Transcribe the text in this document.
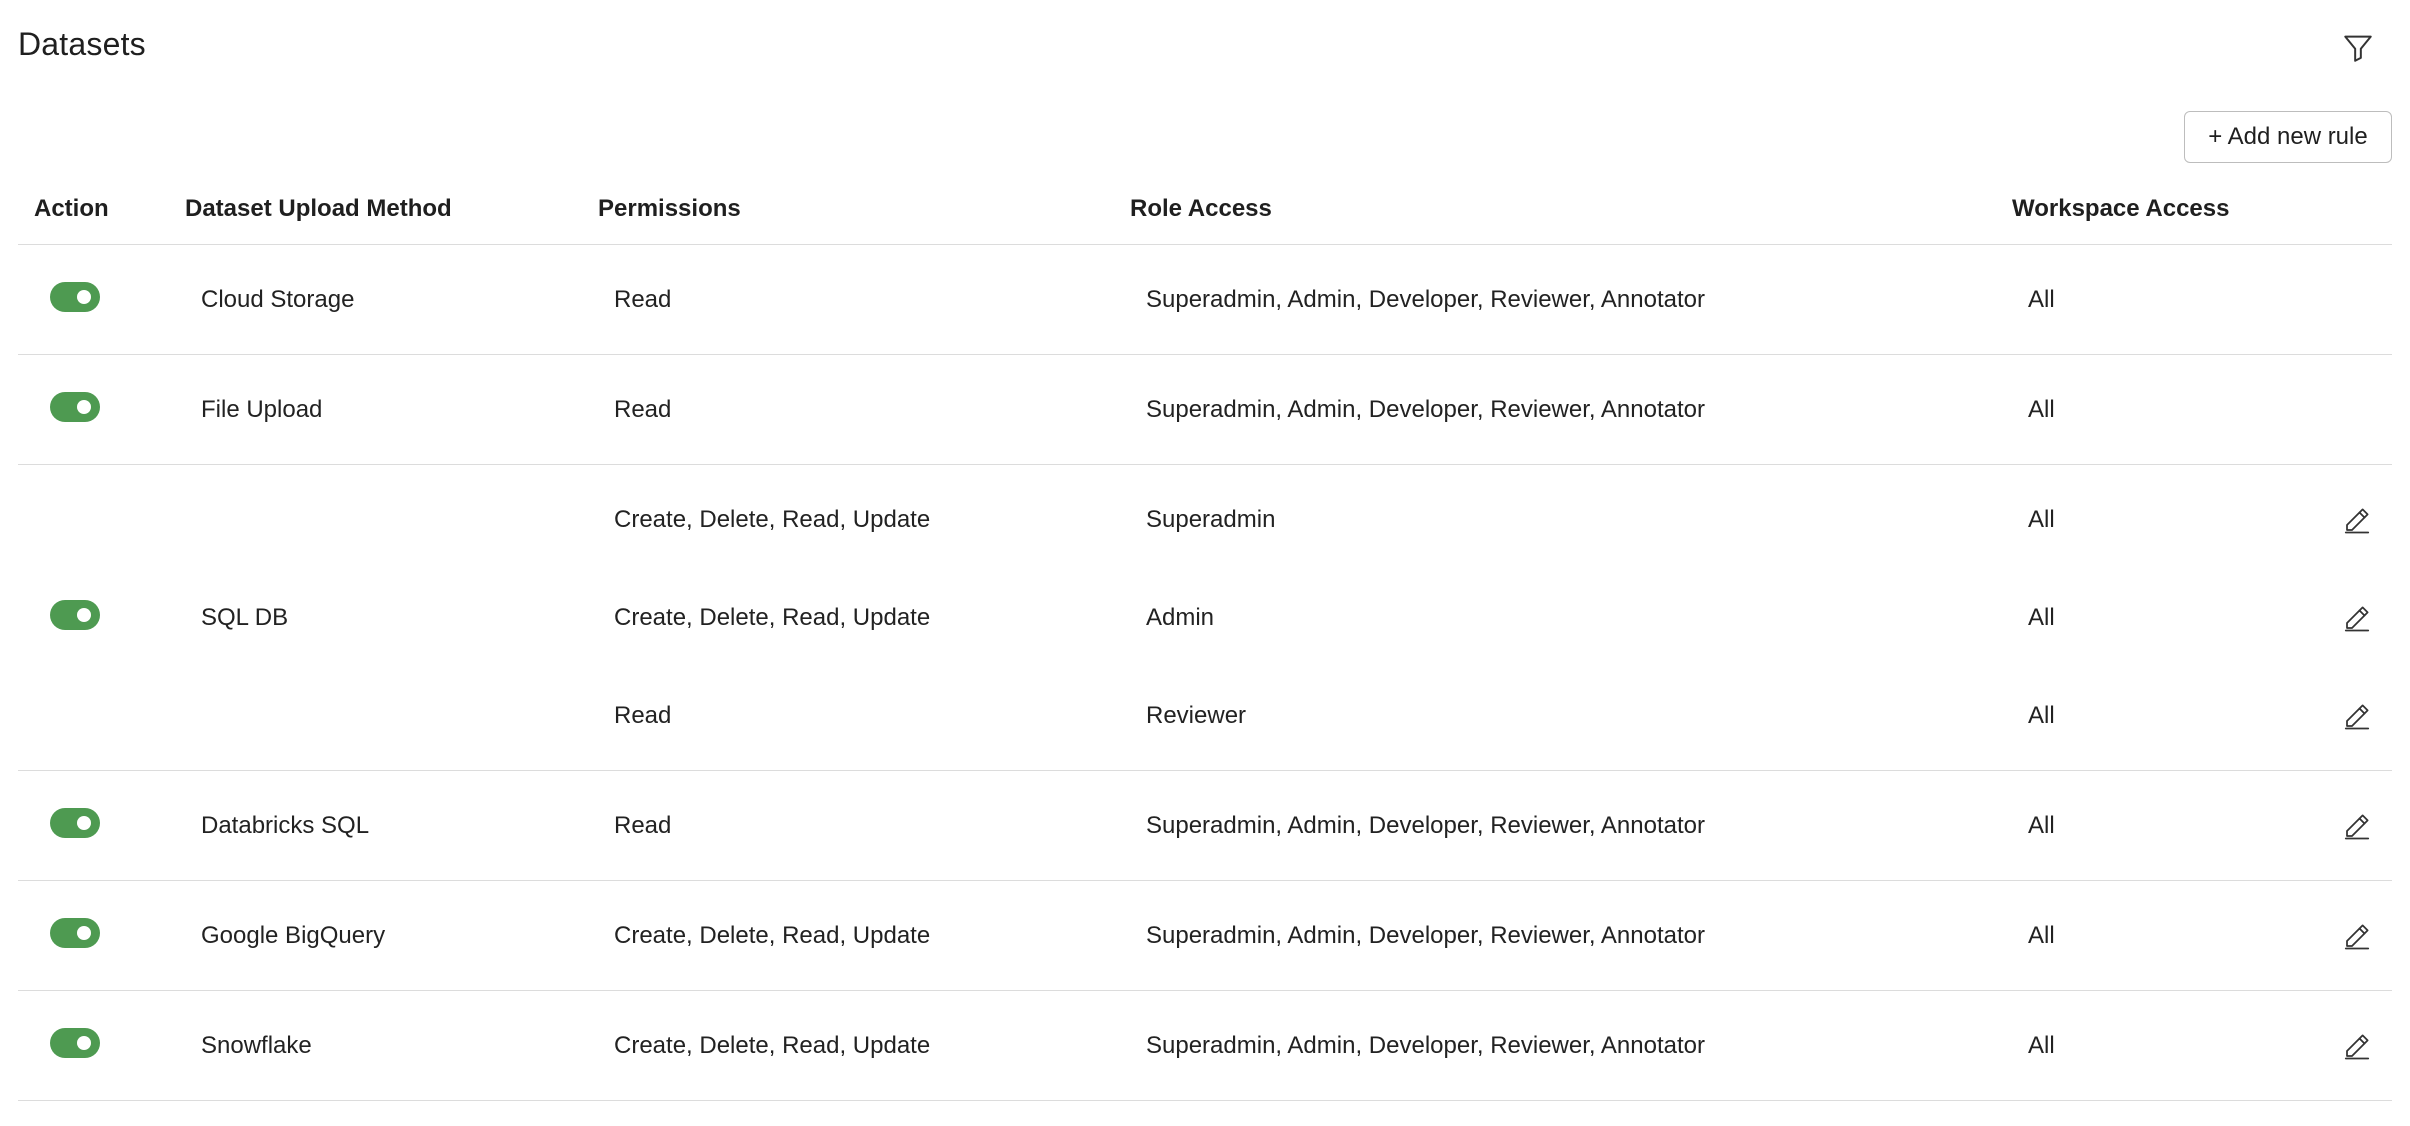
Datasets
+ Add new rule
Action	Dataset Upload Method	Permissions	Role Access	Workspace Access
Cloud Storage	Read	Superadmin, Admin, Developer, Reviewer, Annotator	All
File Upload	Read	Superadmin, Admin, Developer, Reviewer, Annotator	All
SQL DB
Create, Delete, Read, Update	Superadmin	All
Create, Delete, Read, Update	Admin	All
Read	Reviewer	All
Databricks SQL	Read	Superadmin, Admin, Developer, Reviewer, Annotator	All
Google BigQuery	Create, Delete, Read, Update	Superadmin, Admin, Developer, Reviewer, Annotator	All
Snowflake	Create, Delete, Read, Update	Superadmin, Admin, Developer, Reviewer, Annotator	All
